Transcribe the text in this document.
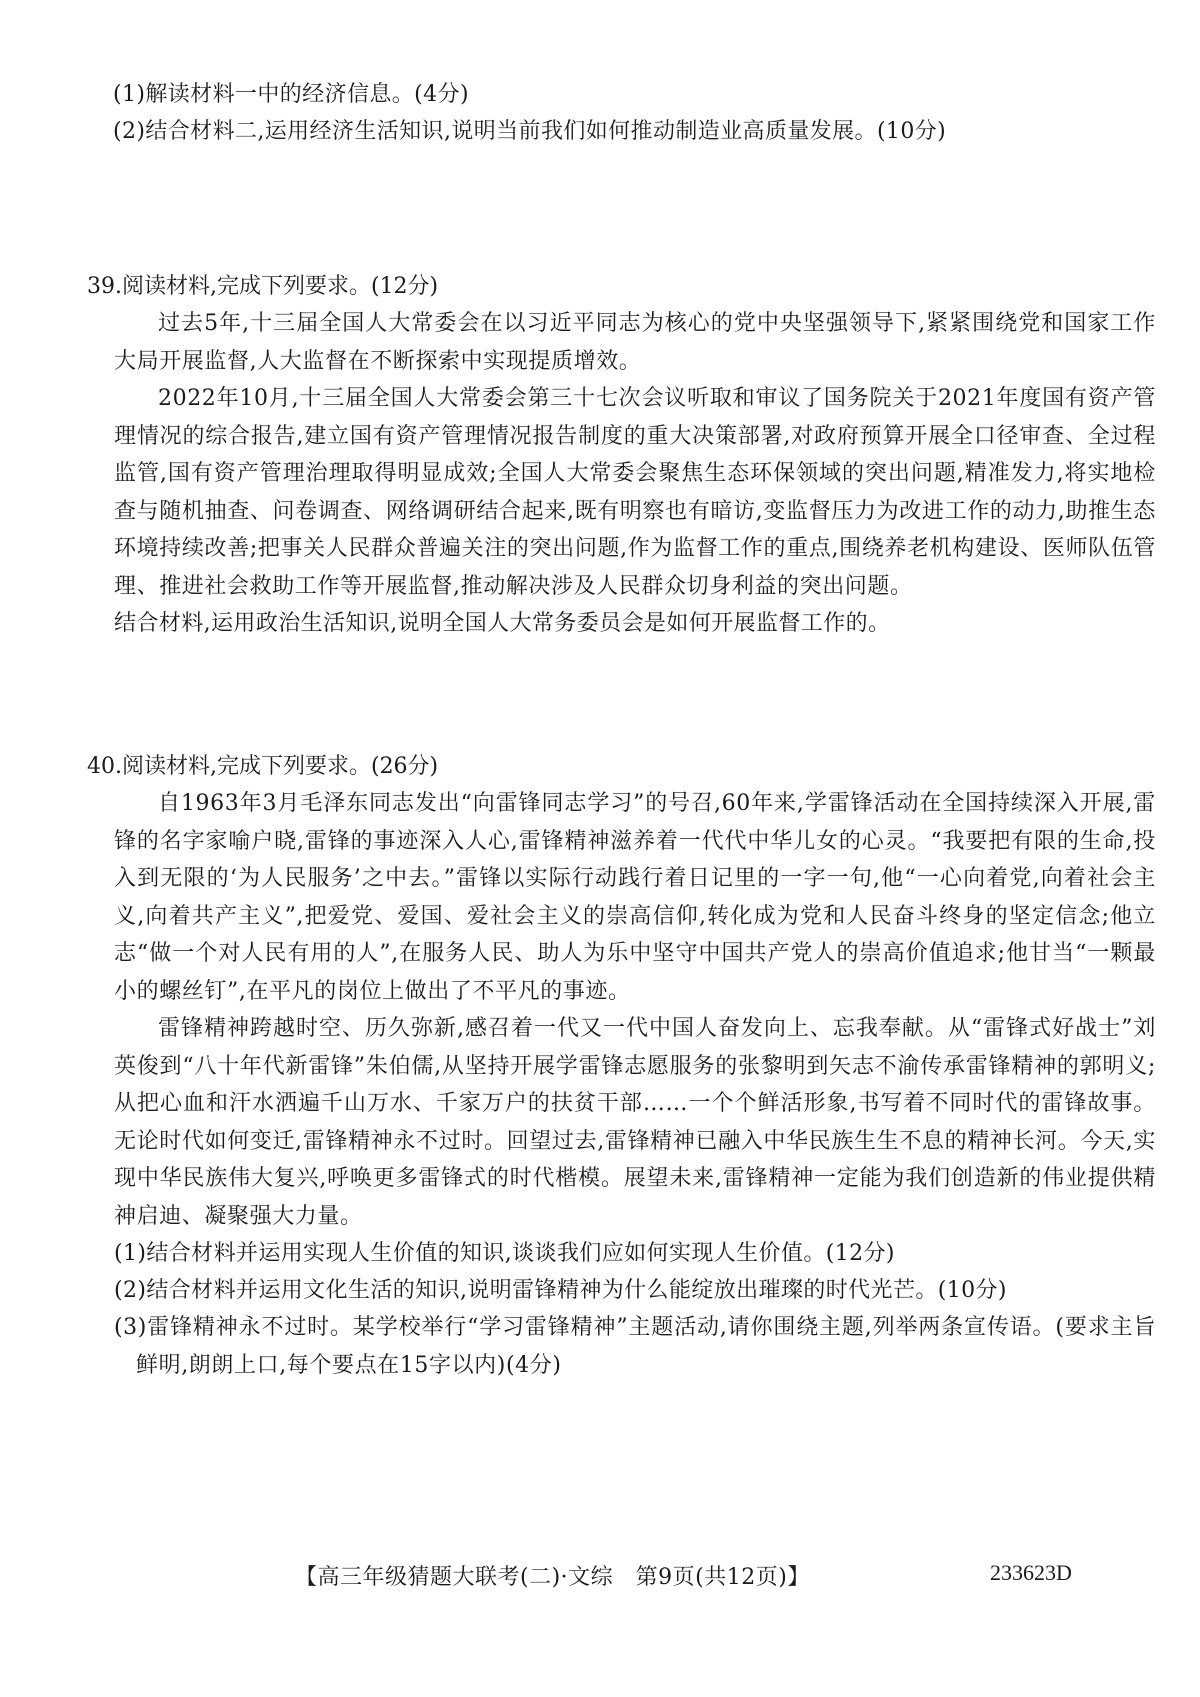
(1)解读材料一中的经济信息。(4分)
(2)结合材料二,运用经济生活知识,说明当前我们如何推动制造业高质量发展。(10分)
39.阅读材料,完成下列要求。(12分)

过去5年,十三届全国人大常委会在以习近平同志为核心的党中央坚强领导下,紧紧围绕党和国家工作大局开展监督,人大监督在不断探索中实现提质增效。

2022年10月,十三届全国人大常委会第三十七次会议听取和审议了国务院关于2021年度国有资产管理情况的综合报告,建立国有资产管理情况报告制度的重大决策部署,对政府预算开展全口径审查、全过程监管,国有资产管理治理取得明显成效;全国人大常委会聚焦生态环保领域的突出问题,精准发力,将实地检查与随机抽查、问卷调查、网络调研结合起来,既有明察也有暗访,变监督压力为改进工作的动力,助推生态环境持续改善;把事关人民群众普遍关注的突出问题,作为监督工作的重点,围绕养老机构建设、医师队伍管理、推进社会救助工作等开展监督,推动解决涉及人民群众切身利益的突出问题。

结合材料,运用政治生活知识,说明全国人大常务委员会是如何开展监督工作的。
40.阅读材料,完成下列要求。(26分)

自1963年3月毛泽东同志发出“向雷锋同志学习”的号召,60年来,学雷锋活动在全国持续深入开展,雷锋的名字家喻户晓,雷锋的事迹深入人心,雷锋精神滋养着一代代中华儿女的心灵。“我要把有限的生命,投入到无限的‘为人民服务’之中去。”雷锋以实际行动践行着日记里的一字一句,他“一心向着党,向着社会主义,向着共产主义”,把爱党、爱国、爱社会主义的崇高信仰,转化成为党和人民奋斗终身的坚定信念;他立志“做一个对人民有用的人”,在服务人民、助人为乐中坚守中国共产党人的崇高价值追求;他甘当“一颗最小的螺丝钉”,在平凡的岗位上做出了不平凡的事迹。

雷锋精神跨越时空、历久弥新,感召着一代又一代中国人奋发向上、忘我奉献。从“雷锋式好战士”刘英俊到“八十年代新雷锋”朱伯儒,从坚持开展学雷锋志愿服务的张黎明到矢志不渝传承雷锋精神的郭明义;从把心血和汗水洒遍千山万水、千家万户的扶贫干部……一个个鲜活形象,书写着不同时代的雷锋故事。无论时代如何变迁,雷锋精神永不过时。回望过去,雷锋精神已融入中华民族生生不息的精神长河。今天,实现中华民族伟大复兴,呼唤更多雷锋式的时代楷模。展望未来,雷锋精神一定能为我们创造新的伟业提供精神启迪、凝聚强大力量。

(1)结合材料并运用实现人生价值的知识,谈谈我们应如何实现人生价值。(12分)
(2)结合材料并运用文化生活的知识,说明雷锋精神为什么能绽放出璀璨的时代光芒。(10分)

(3)雷锋精神永不过时。某学校举行“学习雷锋精神”主题活动,请你围绕主题,列举两条宣传语。(要求主旨鲜明,朗朗上口,每个要点在15字以内)(4分)

【高三年级猜题大联考(二)·文综　第9页(共12页)】	233623D
